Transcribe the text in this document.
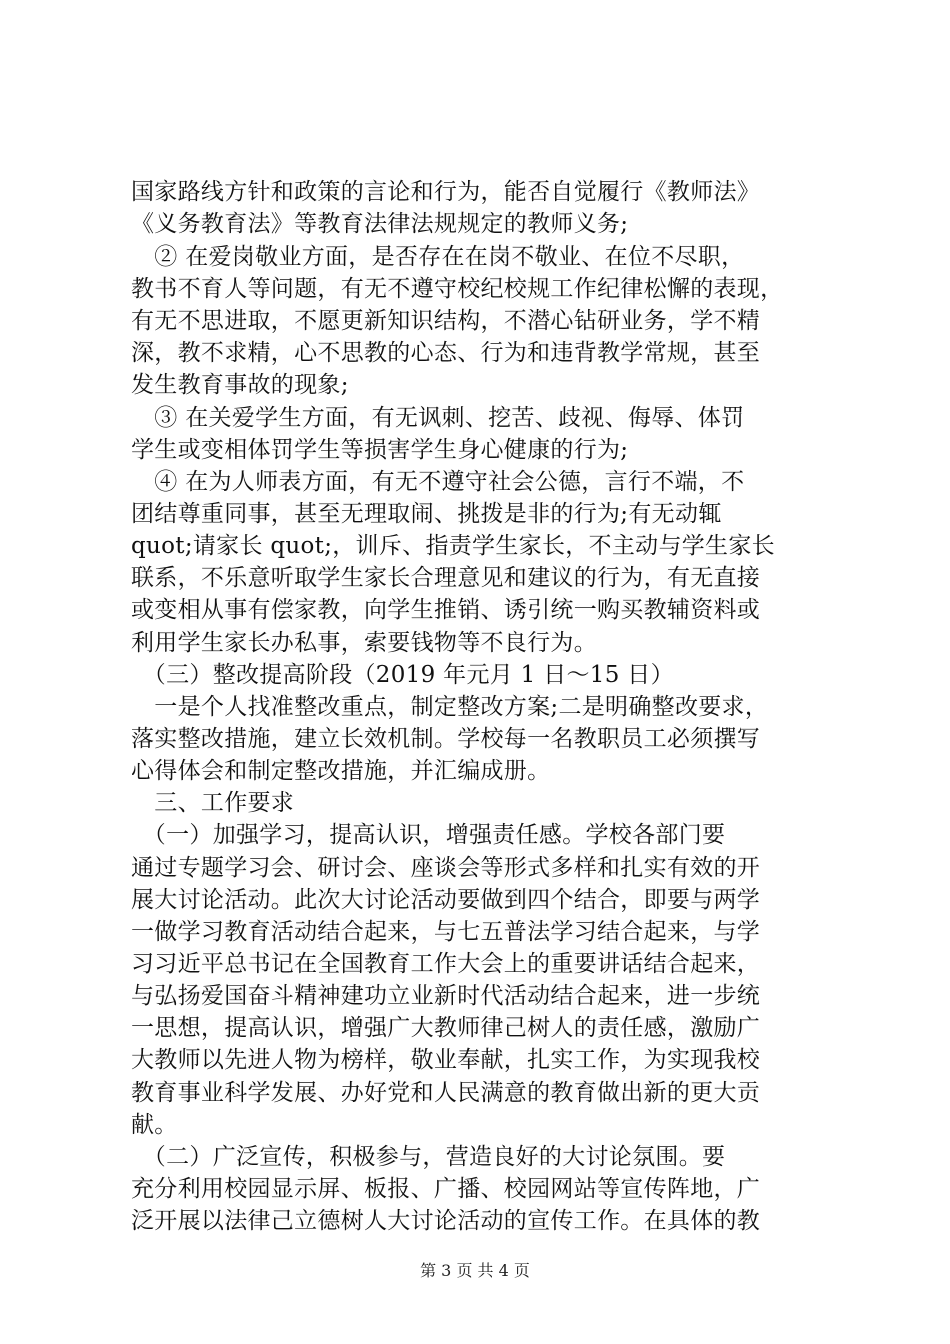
国家路线方针和政策的言论和行为，能否自觉履行《教师法》
《义务教育法》等教育法律法规规定的教师义务;
　② 在爱岗敬业方面，是否存在在岗不敬业、在位不尽职，
教书不育人等问题，有无不遵守校纪校规工作纪律松懈的表现，
有无不思进取，不愿更新知识结构，不潜心钻研业务，学不精
深，教不求精，心不思教的心态、行为和违背教学常规，甚至
发生教育事故的现象;
　③ 在关爱学生方面，有无讽刺、挖苦、歧视、侮辱、体罚
学生或变相体罚学生等损害学生身心健康的行为;
　④ 在为人师表方面，有无不遵守社会公德，言行不端，不
团结尊重同事，甚至无理取闹、挑拨是非的行为;有无动辄
quot;请家长 quot;，训斥、指责学生家长，不主动与学生家长
联系，不乐意听取学生家长合理意见和建议的行为，有无直接
或变相从事有偿家教，向学生推销、诱引统一购买教辅资料或
利用学生家长办私事，索要钱物等不良行为。
　（三）整改提高阶段（2019 年元月 1 日～15 日）
　一是个人找准整改重点，制定整改方案;二是明确整改要求，
落实整改措施，建立长效机制。学校每一名教职员工必须撰写
心得体会和制定整改措施，并汇编成册。
　三、工作要求
　（一）加强学习，提高认识，增强责任感。学校各部门要
通过专题学习会、研讨会、座谈会等形式多样和扎实有效的开
展大讨论活动。此次大讨论活动要做到四个结合，即要与两学
一做学习教育活动结合起来，与七五普法学习结合起来，与学
习习近平总书记在全国教育工作大会上的重要讲话结合起来，
与弘扬爱国奋斗精神建功立业新时代活动结合起来，进一步统
一思想，提高认识，增强广大教师律己树人的责任感，激励广
大教师以先进人物为榜样，敬业奉献，扎实工作，为实现我校
教育事业科学发展、办好党和人民满意的教育做出新的更大贡
献。
　（二）广泛宣传，积极参与，营造良好的大讨论氛围。要
充分利用校园显示屏、板报、广播、校园网站等宣传阵地，广
泛开展以法律己立德树人大讨论活动的宣传工作。在具体的教
第 3 页 共 4 页
